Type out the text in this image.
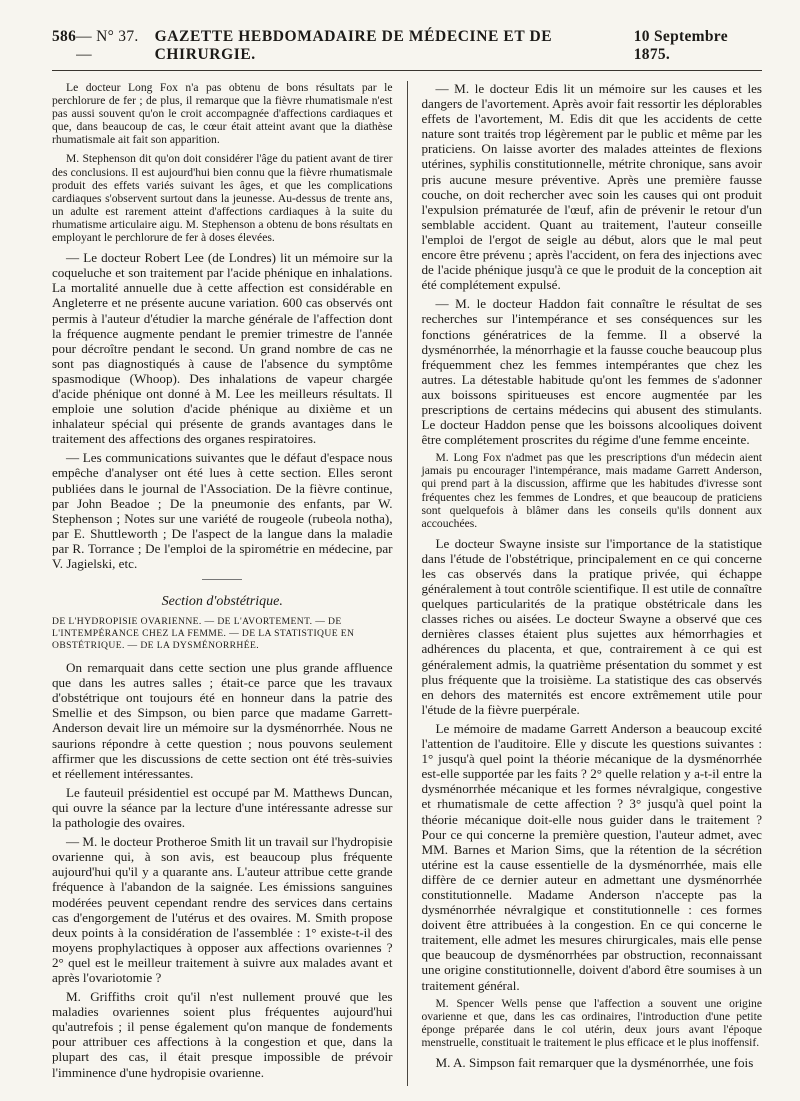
586 — N° 37. —
GAZETTE HEBDOMADAIRE DE MÉDECINE ET DE CHIRURGIE.
10 Septembre 1875.

Le docteur Long Fox n'a pas obtenu de bons résultats par le perchlorure de fer ; de plus, il remarque que la fièvre rhumatismale n'est pas aussi souvent qu'on le croit accompagnée d'affections cardiaques et que, dans beaucoup de cas, le cœur était atteint avant que la diathèse rhumatismale ait fait son apparition.

M. Stephenson dit qu'on doit considérer l'âge du patient avant de tirer des conclusions. Il est aujourd'hui bien connu que la fièvre rhumatismale produit des effets variés suivant les âges, et que les complications cardiaques s'observent surtout dans la jeunesse. Au-dessus de trente ans, un adulte est rarement atteint d'affections cardiaques à la suite du rhumatisme articulaire aigu. M. Stephenson a obtenu de bons résultats en employant le perchlorure de fer à doses élevées.

— Le docteur Robert Lee (de Londres) lit un mémoire sur la coqueluche et son traitement par l'acide phénique en inhalations. La mortalité annuelle due à cette affection est considérable en Angleterre et ne présente aucune variation. 600 cas observés ont permis à l'auteur d'étudier la marche générale de l'affection dont la fréquence augmente pendant le premier trimestre de l'année pour décroître pendant le second. Un grand nombre de cas ne sont pas diagnostiqués à cause de l'absence du symptôme spasmodique (Whoop). Des inhalations de vapeur chargée d'acide phénique ont donné à M. Lee les meilleurs résultats. Il emploie une solution d'acide phénique au dixième et un inhalateur spécial qui présente de grands avantages dans le traitement des affections des organes respiratoires.

— Les communications suivantes que le défaut d'espace nous empêche d'analyser ont été lues à cette section. Elles seront publiées dans le journal de l'Association. De la fièvre continue, par John Beadoe ; De la pneumonie des enfants, par W. Stephenson ; Notes sur une variété de rougeole (rubeola notha), par E. Shuttleworth ; De l'aspect de la langue dans la maladie par R. Torrance ; De l'emploi de la spirométrie en médecine, par V. Jagielski, etc.

Section d'obstétrique.
DE L'HYDROPISIE OVARIENNE. — DE L'AVORTEMENT. — DE L'INTEMPÉRANCE CHEZ LA FEMME. — DE LA STATISTIQUE EN OBSTÉTRIQUE. — DE LA DYSMÉNORRHÉE.

On remarquait dans cette section une plus grande affluence que dans les autres salles ; était-ce parce que les travaux d'obstétrique ont toujours été en honneur dans la patrie des Smellie et des Simpson, ou bien parce que madame Garrett-Anderson devait lire un mémoire sur la dysménorrhée. Nous ne saurions répondre à cette question ; nous pouvons seulement affirmer que les discussions de cette section ont été très-suivies et réellement intéressantes.

Le fauteuil présidentiel est occupé par M. Matthews Duncan, qui ouvre la séance par la lecture d'une intéressante adresse sur la pathologie des ovaires.

— M. le docteur Protheroe Smith lit un travail sur l'hydropisie ovarienne qui, à son avis, est beaucoup plus fréquente aujourd'hui qu'il y a quarante ans. L'auteur attribue cette grande fréquence à l'abandon de la saignée. Les émissions sanguines modérées peuvent cependant rendre des services dans certains cas d'engorgement de l'utérus et des ovaires. M. Smith propose deux points à la considération de l'assemblée : 1° existe-t-il des moyens prophylactiques à opposer aux affections ovariennes ? 2° quel est le meilleur traitement à suivre aux malades avant et après l'ovariotomie ?

M. Griffiths croit qu'il n'est nullement prouvé que les maladies ovariennes soient plus fréquentes aujourd'hui qu'autrefois ; il pense également qu'on manque de fondements pour attribuer ces affections à la congestion et que, dans la plupart des cas, il était presque impossible de prévoir l'imminence d'une hydropisie ovarienne.

— M. le docteur Edis lit un mémoire sur les causes et les dangers de l'avortement. Après avoir fait ressortir les déplorables effets de l'avortement, M. Edis dit que les accidents de cette nature sont traités trop légèrement par le public et même par les praticiens. On laisse avorter des malades atteintes de flexions utérines, syphilis constitutionnelle, métrite chronique, sans avoir pris aucune mesure préventive. Après une première fausse couche, on doit rechercher avec soin les causes qui ont produit l'expulsion prématurée de l'œuf, afin de prévenir le retour d'un semblable accident. Quant au traitement, l'auteur conseille l'emploi de l'ergot de seigle au début, alors que le mal peut encore être prévenu ; après l'accident, on fera des injections avec de l'acide phénique jusqu'à ce que le produit de la conception ait été complétement expulsé.

— M. le docteur Haddon fait connaître le résultat de ses recherches sur l'intempérance et ses conséquences sur les fonctions génératrices de la femme. Il a observé la dysménorrhée, la ménorrhagie et la fausse couche beaucoup plus fréquemment chez les femmes intempérantes que chez les autres. La détestable habitude qu'ont les femmes de s'adonner aux boissons spiritueuses est encore augmentée par les prescriptions de certains médecins qui abusent des stimulants. Le docteur Haddon pense que les boissons alcooliques doivent être complétement proscrites du régime d'une femme enceinte.

M. Long Fox n'admet pas que les prescriptions d'un médecin aient jamais pu encourager l'intempérance, mais madame Garrett Anderson, qui prend part à la discussion, affirme que les habitudes d'ivresse sont fréquentes chez les femmes de Londres, et que beaucoup de praticiens sont quelquefois à blâmer dans les conseils qu'ils donnent aux accouchées.

Le docteur Swayne insiste sur l'importance de la statistique dans l'étude de l'obstétrique, principalement en ce qui concerne les cas observés dans la pratique privée, qui échappe généralement à tout contrôle scientifique. Il est utile de connaître quelques particularités de la pratique obstétricale dans les classes riches ou aisées. Le docteur Swayne a observé que ces dernières classes étaient plus sujettes aux hémorrhagies et adhérences du placenta, et que, contrairement à ce qui est généralement admis, la quatrième présentation du sommet y est plus fréquente que la troisième. La statistique des cas observés en dehors des maternités est encore extrêmement utile pour l'étude de la fièvre puerpérale.

Le mémoire de madame Garrett Anderson a beaucoup excité l'attention de l'auditoire. Elle y discute les questions suivantes : 1° jusqu'à quel point la théorie mécanique de la dysménorrhée est-elle supportée par les faits ? 2° quelle relation y a-t-il entre la dysménorrhée mécanique et les formes névralgique, congestive et rhumatismale de cette affection ? 3° jusqu'à quel point la théorie mécanique doit-elle nous guider dans le traitement ? Pour ce qui concerne la première question, l'auteur admet, avec MM. Barnes et Marion Sims, que la rétention de la sécrétion utérine est la cause essentielle de la dysménorrhée, mais elle diffère de ce dernier auteur en admettant une dysménorrhée constitutionnelle. Madame Anderson n'accepte pas la dysménorrhée névralgique et constitutionnelle : ces formes doivent être attribuées à la congestion. En ce qui concerne le traitement, elle admet les mesures chirurgicales, mais elle pense que beaucoup de dysménorrhées par obstruction, reconnaissant une origine constitutionnelle, doivent d'abord être soumises à un traitement général.

M. Spencer Wells pense que l'affection a souvent une origine ovarienne et que, dans les cas ordinaires, l'introduction d'une petite éponge préparée dans le col utérin, deux jours avant l'époque menstruelle, constituait le traitement le plus efficace et le plus inoffensif.

M. A. Simpson fait remarquer que la dysménorrhée, une fois
